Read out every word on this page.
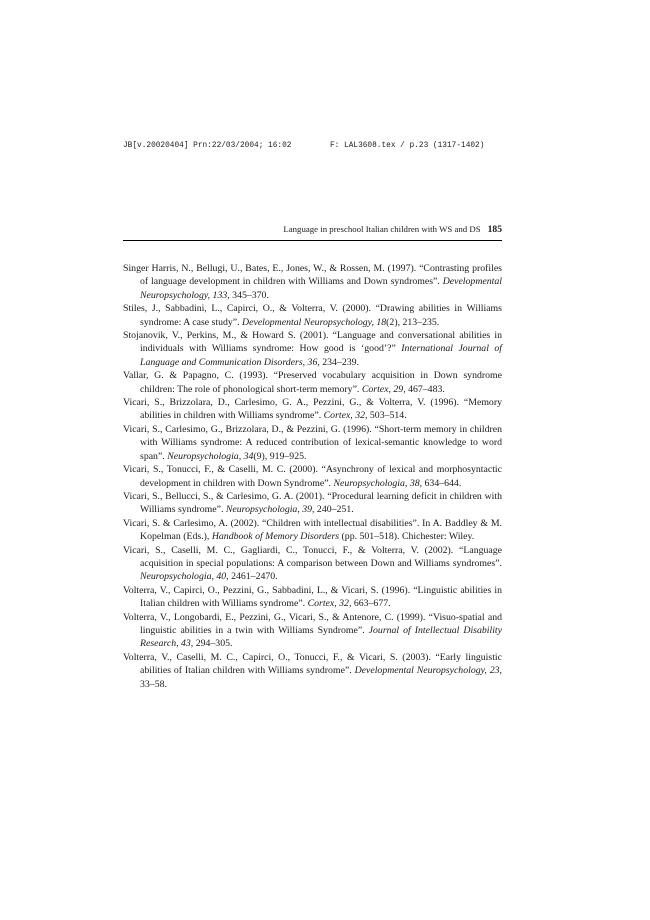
JB[v.20020404] Prn:22/03/2004; 16:02	F: LAL3608.tex / p.23 (1317-1402)
Language in preschool Italian children with WS and DS 185

Singer Harris, N., Bellugi, U., Bates, E., Jones, W., & Rossen, M. (1997). “Contrasting profiles of language development in children with Williams and Down syndromes”. Developmental Neuropsychology, 133, 345–370.

Stiles, J., Sabbadini, L., Capirci, O., & Volterra, V. (2000). “Drawing abilities in Williams syndrome: A case study”. Developmental Neuropsychology, 18(2), 213–235.

Stojanovik, V., Perkins, M., & Howard S. (2001). “Language and conversational abilities in individuals with Williams syndrome: How good is ‘good’?” International Journal of Language and Communication Disorders, 36, 234–239.

Vallar, G. & Papagno, C. (1993). “Preserved vocabulary acquisition in Down syndrome children: The role of phonological short-term memory”. Cortex, 29, 467–483.

Vicari, S., Brizzolara, D., Carlesimo, G. A., Pezzini, G., & Volterra, V. (1996). “Memory abilities in children with Williams syndrome”. Cortex, 32, 503–514.

Vicari, S., Carlesimo, G., Brizzolara, D., & Pezzini, G. (1996). “Short-term memory in children with Williams syndrome: A reduced contribution of lexical-semantic knowledge to word span”. Neuropsychologia, 34(9), 919–925.

Vicari, S., Tonucci, F., & Caselli, M. C. (2000). “Asynchrony of lexical and morphosyntactic development in children with Down Syndrome”. Neuropsychologia, 38, 634–644.

Vicari, S., Bellucci, S., & Carlesimo, G. A. (2001). “Procedural learning deficit in children with Williams syndrome”. Neuropsychologia, 39, 240–251.

Vicari, S. & Carlesimo, A. (2002). “Children with intellectual disabilities”. In A. Baddley & M. Kopelman (Eds.), Handbook of Memory Disorders (pp. 501–518). Chichester: Wiley.

Vicari, S., Caselli, M. C., Gagliardi, C., Tonucci, F., & Volterra, V. (2002). “Language acquisition in special populations: A comparison between Down and Williams syndromes”. Neuropsychologia, 40, 2461–2470.

Volterra, V., Capirci, O., Pezzini, G., Sabbadini, L., & Vicari, S. (1996). “Linguistic abilities in Italian children with Williams syndrome”. Cortex, 32, 663–677.

Volterra, V., Longobardi, E., Pezzini, G., Vicari, S., & Antenore, C. (1999). “Visuo-spatial and linguistic abilities in a twin with Williams Syndrome”. Journal of Intellectual Disability Research, 43, 294–305.

Volterra, V., Caselli, M. C., Capirci, O., Tonucci, F., & Vicari, S. (2003). “Early linguistic abilities of Italian children with Williams syndrome”. Developmental Neuropsychology, 23, 33–58.
